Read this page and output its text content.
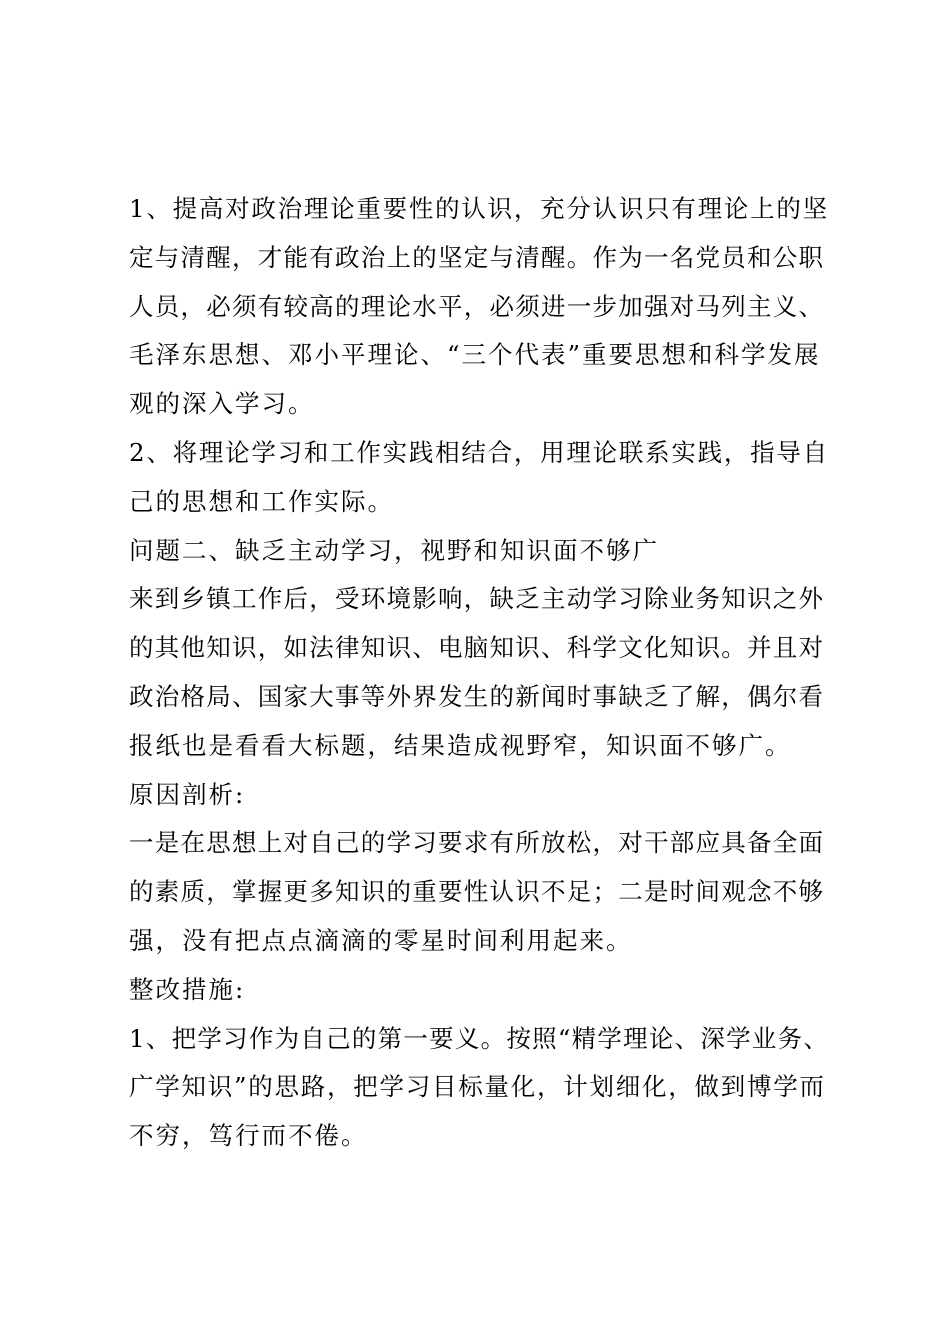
1、提高对政治理论重要性的认识，充分认识只有理论上的坚
定与清醒，才能有政治上的坚定与清醒。作为一名党员和公职
人员，必须有较高的理论水平，必须进一步加强对马列主义、
毛泽东思想、邓小平理论、“三个代表”重要思想和科学发展
观的深入学习。
2、将理论学习和工作实践相结合，用理论联系实践，指导自
己的思想和工作实际。
问题二、缺乏主动学习，视野和知识面不够广
来到乡镇工作后，受环境影响，缺乏主动学习除业务知识之外
的其他知识，如法律知识、电脑知识、科学文化知识。并且对
政治格局、国家大事等外界发生的新闻时事缺乏了解，偶尔看
报纸也是看看大标题，结果造成视野窄，知识面不够广。
原因剖析:
一是在思想上对自己的学习要求有所放松，对干部应具备全面
的素质，掌握更多知识的重要性认识不足；二是时间观念不够
强，没有把点点滴滴的零星时间利用起来。
整改措施:
1、把学习作为自己的第一要义。按照“精学理论、深学业务、
广学知识”的思路，把学习目标量化，计划细化，做到博学而
不穷，笃行而不倦。
